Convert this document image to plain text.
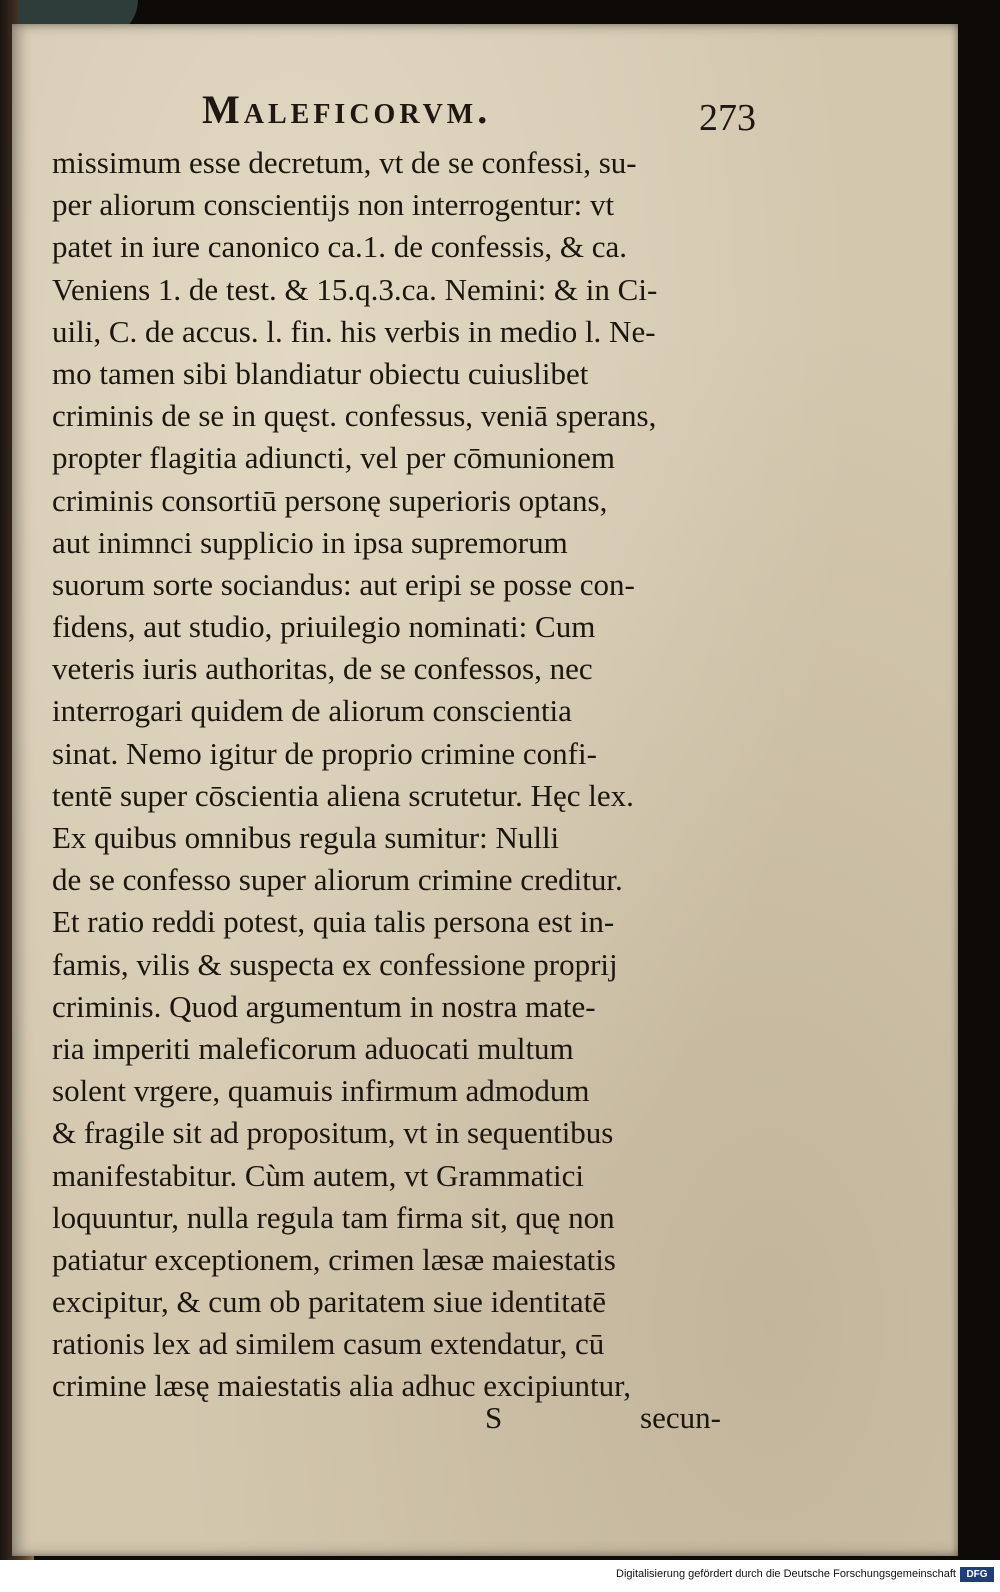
Maleficorvm.	273
missimum esse decretum, vt de se confessi, su-
per aliorum conscientijs non interrogentur: vt
patet in iure canonico ca.1. de confessis, & ca.
Veniens 1. de test. & 15.q.3.ca. Nemini: & in Ci-
uili, C. de accus. l. fin. his verbis in medio l. Ne-
mo tamen sibi blandiatur obiectu cuiuslibet
criminis de se in quęst. confessus, veniā sperans,
propter flagitia adiuncti, vel per cōmunionem
criminis consortiū personę superioris optans,
aut inimnci supplicio in ipsa supremorum
suorum sorte sociandus: aut eripi se posse con-
fidens, aut studio, priuilegio nominati: Cum
veteris iuris authoritas, de se confessos, nec
interrogari quidem de aliorum conscientia
sinat. Nemo igitur de proprio crimine confi-
tentē super cōscientia aliena scrutetur. Hęc lex.
Ex quibus omnibus regula sumitur: Nulli
de se confesso super aliorum crimine creditur.
Et ratio reddi potest, quia talis persona est in-
famis, vilis & suspecta ex confessione proprij
criminis. Quod argumentum in nostra mate-
ria imperiti maleficorum aduocati multum
solent vrgere, quamuis infirmum admodum
& fragile sit ad propositum, vt in sequentibus
manifestabitur. Cùm autem, vt Grammatici
loquuntur, nulla regula tam firma sit, quę non
patiatur exceptionem, crimen læsæ maiestatis
excipitur, & cum ob paritatem siue identitatē
rationis lex ad similem casum extendatur, cū
crimine læsę maiestatis alia adhuc excipiuntur,
S	secun-
Digitalisierung gefördert durch die Deutsche Forschungsgemeinschaft	DFG
